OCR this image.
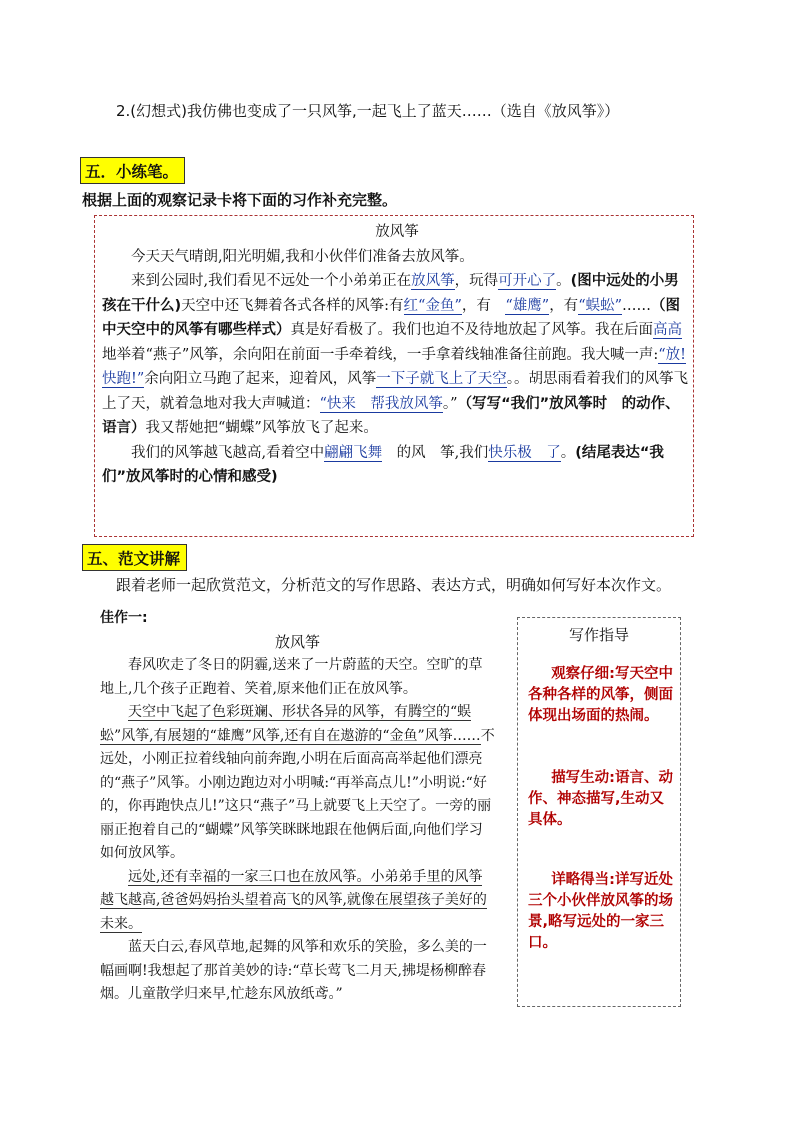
2.(幻想式)我仿佛也变成了一只风筝,一起飞上了蓝天……（选自《放风筝》）
五．小练笔。
根据上面的观察记录卡将下面的习作补充完整。

放风筝

今天天气晴朗,阳光明媚,我和小伙伴们准备去放风筝。

来到公园时,我们看见不远处一个小弟弟正在放风筝，玩得可开心了。(图中远处的小男孩在干什么)天空中还飞舞着各式各样的风筝:有红“金鱼”，有　“雄鹰”，有“蜈蚣”……（图中天空中的风筝有哪些样式）真是好看极了。我们也迫不及待地放起了风筝。我在后面高高地举着“燕子”风筝，余向阳在前面一手牵着线，一手拿着线轴准备往前跑。我大喊一声:“放!快跑!”余向阳立马跑了起来，迎着风，风筝一下子就飞上了天空。。胡思雨看着我们的风筝飞上了天，就着急地对我大声喊道：“快来　帮我放风筝。”（写写“我们”放风筝时　的动作、语言）我又帮她把“蝴蝶”风筝放飞了起来。

我们的风筝越飞越高,看着空中翩翩飞舞　的风　筝,我们快乐极　了。(结尾表达“我们”放风筝时的心情和感受)

五、范文讲解
跟着老师一起欣赏范文，分析范文的写作思路、表达方式，明确如何写好本次作文。

佳作一:

放风筝

春风吹走了冬日的阴霾,送来了一片蔚蓝的天空。空旷的草地上,几个孩子正跑着、笑着,原来他们正在放风筝。

天空中飞起了色彩斑斓、形状各异的风筝，有腾空的“蜈蚣”风筝,有展翅的“雄鹰”风筝,还有自在遨游的“金鱼”风筝……不远处，小刚正拉着线轴向前奔跑,小明在后面高高举起他们漂亮的“燕子”风筝。小刚边跑边对小明喊:“再举高点儿!”小明说:“好的，你再跑快点儿!”这只“燕子”马上就要飞上天空了。一旁的丽丽正抱着自己的“蝴蝶”风筝笑眯眯地跟在他俩后面,向他们学习如何放风筝。

远处,还有幸福的一家三口也在放风筝。小弟弟手里的风筝越飞越高,爸爸妈妈抬头望着高飞的风筝,就像在展望孩子美好的未来。

蓝天白云,春风草地,起舞的风筝和欢乐的笑脸，多么美的一幅画啊!我想起了那首美妙的诗:“草长莺飞二月天,拂堤杨柳醉春烟。儿童散学归来早,忙趁东风放纸鸢。”

写作指导
观察仔细:写天空中各种各样的风筝，侧面体现出场面的热闹。
描写生动:语言、动作、神态描写,生动又具体。
详略得当:详写近处三个小伙伴放风筝的场景,略写远处的一家三口。
